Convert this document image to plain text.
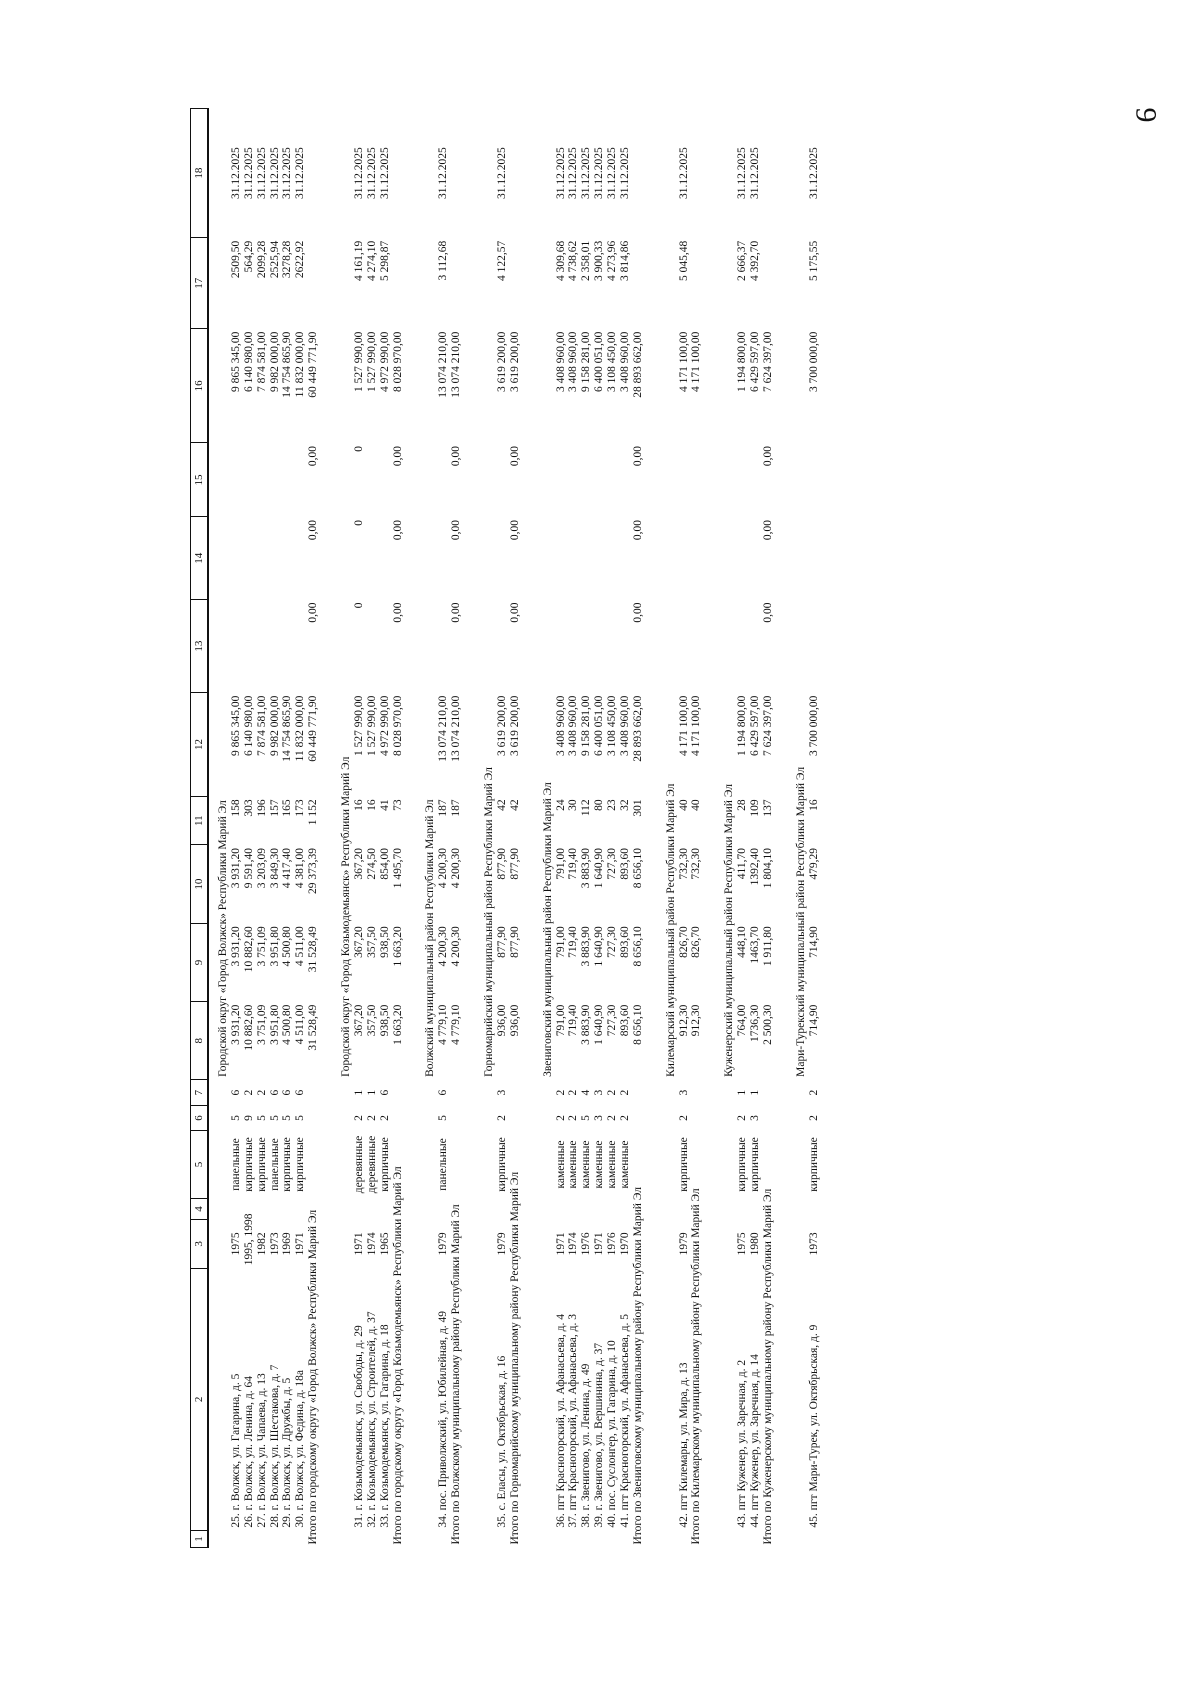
9
1	2	3	4	5	6	7	8	9	10	11	12	13	14	15	16	17	18
							Городской округ «Город Волжск» Республики Марий Эл										
	25. г. Волжск, ул. Гагарина, д. 5	1975		панельные	5	6	3 931,20	3 931,20	3 931,20	158	9 865 345,00				9 865 345,00	2509,50	31.12.2025
	26. г. Волжск, ул. Ленина, д. 64	1995, 1998		кирпичные	9	2	10 882,60	10 882,60	9 591,40	303	6 140 980,00				6 140 980,00	564,29	31.12.2025
	27. г. Волжск, ул. Чапаева, д. 13	1982		кирпичные	5	2	3 751,09	3 751,09	3 203,09	196	7 874 581,00				7 874 581,00	2099,28	31.12.2025
	28. г. Волжск, ул. Шестакова, д. 7	1973		панельные	5	6	3 951,80	3 951,80	3 849,30	157	9 982 000,00				9 982 000,00	2525,94	31.12.2025
	29. г. Волжск, ул. Дружбы, д. 5	1969		кирпичные	5	6	4 500,80	4 500,80	4 417,40	165	14 754 865,90				14 754 865,90	3278,28	31.12.2025
	30. г. Волжск, ул. Федина, д. 18а	1971		кирпичные	5	6	4 511,00	4 511,00	4 381,00	173	11 832 000,00				11 832 000,00	2622,92	31.12.2025
Итого по городскому округу «Город Волжск» Республики Марий Эл							31 528,49	31 528,49	29 373,39	1 152	60 449 771,90	0,00	0,00	0,00	60 449 771,90		
							Городской округ «Город Козьмодемьянск» Республики Марий Эл										
	31. г. Козьмодемьянск, ул. Свободы, д. 29	1971		деревянные	2	1	367,20	367,20	367,20	16	1 527 990,00	0	0	0	1 527 990,00	4 161,19	31.12.2025
	32. г. Козьмодемьянск, ул. Строителей, д. 37	1974		деревянные	2	1	357,50	357,50	274,50	16	1 527 990,00				1 527 990,00	4 274,10	31.12.2025
	33. г. Козьмодемьянск, ул. Гагарина, д. 18	1965		кирпичные	2	6	938,50	938,50	854,00	41	4 972 990,00				4 972 990,00	5 298,87	31.12.2025
Итого по городскому округу «Город Козьмодемьянск» Республики Марий Эл							1 663,20	1 663,20	1 495,70	73	8 028 970,00	0,00	0,00	0,00	8 028 970,00		
							Волжский муниципальный район Республики Марий Эл										
	34. пос. Приволжский, ул. Юбилейная, д. 49	1979		панельные	5	6	4 779,10	4 200,30	4 200,30	187	13 074 210,00				13 074 210,00	3 112,68	31.12.2025
Итого по Волжскому муниципальному району Республики Марий Эл							4 779,10	4 200,30	4 200,30	187	13 074 210,00	0,00	0,00	0,00	13 074 210,00		
							Горномарийский муниципальный район Республики Марий Эл										
	35. с. Еласы, ул. Октябрьская, д. 16	1979		кирпичные	2	3	936,00	877,90	877,90	42	3 619 200,00				3 619 200,00	4 122,57	31.12.2025
Итого по Горномарийскому муниципальному району Республики Марий Эл							936,00	877,90	877,90	42	3 619 200,00	0,00	0,00	0,00	3 619 200,00		
							Звениговский муниципальный район Республики Марий Эл										
	36. пгт Красногорский, ул. Афанасьева, д. 4	1971		каменные	2	2	791,00	791,00	791,00	24	3 408 960,00				3 408 960,00	4 309,68	31.12.2025
	37. пгт Красногорский, ул. Афанасьева, д. 3	1974		каменные	2	2	719,40	719,40	719,40	30	3 408 960,00				3 408 960,00	4 738,62	31.12.2025
	38. г. Звенигово, ул. Ленина, д. 49	1976		каменные	5	4	3 883,90	3 883,90	3 883,90	112	9 158 281,00				9 158 281,00	2 358,01	31.12.2025
	39. г. Звенигово, ул. Вершинина, д. 37	1971		каменные	3	3	1 640,90	1 640,90	1 640,90	80	6 400 051,00				6 400 051,00	3 900,33	31.12.2025
	40. пос. Суслонгер, ул. Гагарина, д. 10	1976		каменные	2	2	727,30	727,30	727,30	23	3 108 450,00				3 108 450,00	4 273,96	31.12.2025
	41. пгт Красногорский, ул. Афанасьева, д. 5	1970		каменные	2	2	893,60	893,60	893,60	32	3 408 960,00				3 408 960,00	3 814,86	31.12.2025
Итого по Звениговскому муниципальному району Республики Марий Эл							8 656,10	8 656,10	8 656,10	301	28 893 662,00	0,00	0,00	0,00	28 893 662,00		
							Килемарский муниципальный район Республики Марий Эл										
	42. пгт Килемары, ул. Мира, д. 13	1979		кирпичные	2	3	912,30	826,70	732,30	40	4 171 100,00				4 171 100,00	5 045,48	31.12.2025
Итого по Килемарскому муниципальному району Республики Марий Эл							912,30	826,70	732,30	40	4 171 100,00				4 171 100,00		
							Куженерский муниципальный район Республики Марий Эл										
	43. пгт Куженер, ул. Заречная, д. 2	1975		кирпичные	2	1	764,00	448,10	411,70	28	1 194 800,00				1 194 800,00	2 666,37	31.12.2025
	44. пгт Куженер, ул. Заречная, д. 14	1980		кирпичные	3	1	1736,30	1463,70	1392,40	109	6 429 597,00				6 429 597,00	4 392,70	31.12.2025
Итого по Куженерскому муниципальному району Республики Марий Эл							2 500,30	1 911,80	1 804,10	137	7 624 397,00	0,00	0,00	0,00	7 624 397,00		
							Мари-Турекский муниципальный район Республики Марий Эл										
	45. пгт Мари-Турек, ул. Октябрьская, д. 9	1973		кирпичные	2	2	714,90	714,90	479,29	16	3 700 000,00				3 700 000,00	5 175,55	31.12.2025
